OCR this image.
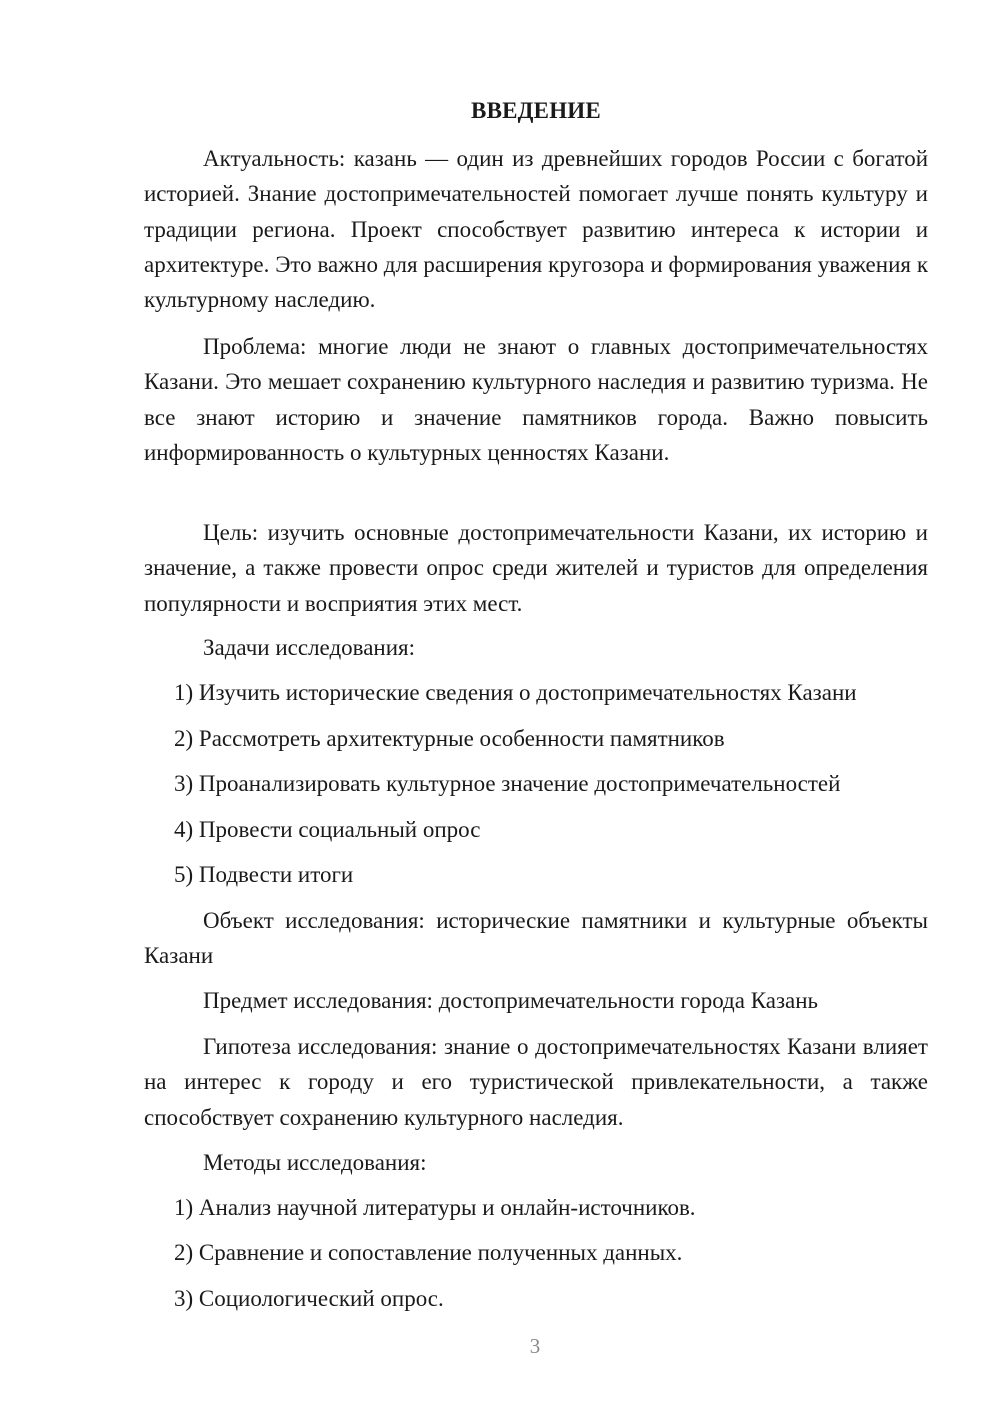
ВВЕДЕНИЕ

Актуальность: казань — один из древнейших городов России с богатой историей. Знание достопримечательностей помогает лучше понять культуру и традиции региона. Проект способствует развитию интереса к истории и архитектуре. Это важно для расширения кругозора и формирования уважения к культурному наследию.

Проблема: многие люди не знают о главных достопримечательностях Казани. Это мешает сохранению культурного наследия и развитию туризма. Не все знают историю и значение памятников города. Важно повысить информированность о культурных ценностях Казани.

Цель: изучить основные достопримечательности Казани, их историю и значение, а также провести опрос среди жителей и туристов для определения популярности и восприятия этих мест.

Задачи исследования:

1) Изучить исторические сведения о достопримечательностях Казани

2) Рассмотреть архитектурные особенности памятников

3) Проанализировать культурное значение достопримечательностей

4) Провести социальный опрос

5) Подвести итоги

Объект исследования: исторические памятники и культурные объекты Казани

Предмет исследования: достопримечательности города Казань

Гипотеза исследования: знание о достопримечательностях Казани влияет на интерес к городу и его туристической привлекательности, а также способствует сохранению культурного наследия.

Методы исследования:

1) Анализ научной литературы и онлайн-источников.

2) Сравнение и сопоставление полученных данных.

3) Социологический опрос.

3
